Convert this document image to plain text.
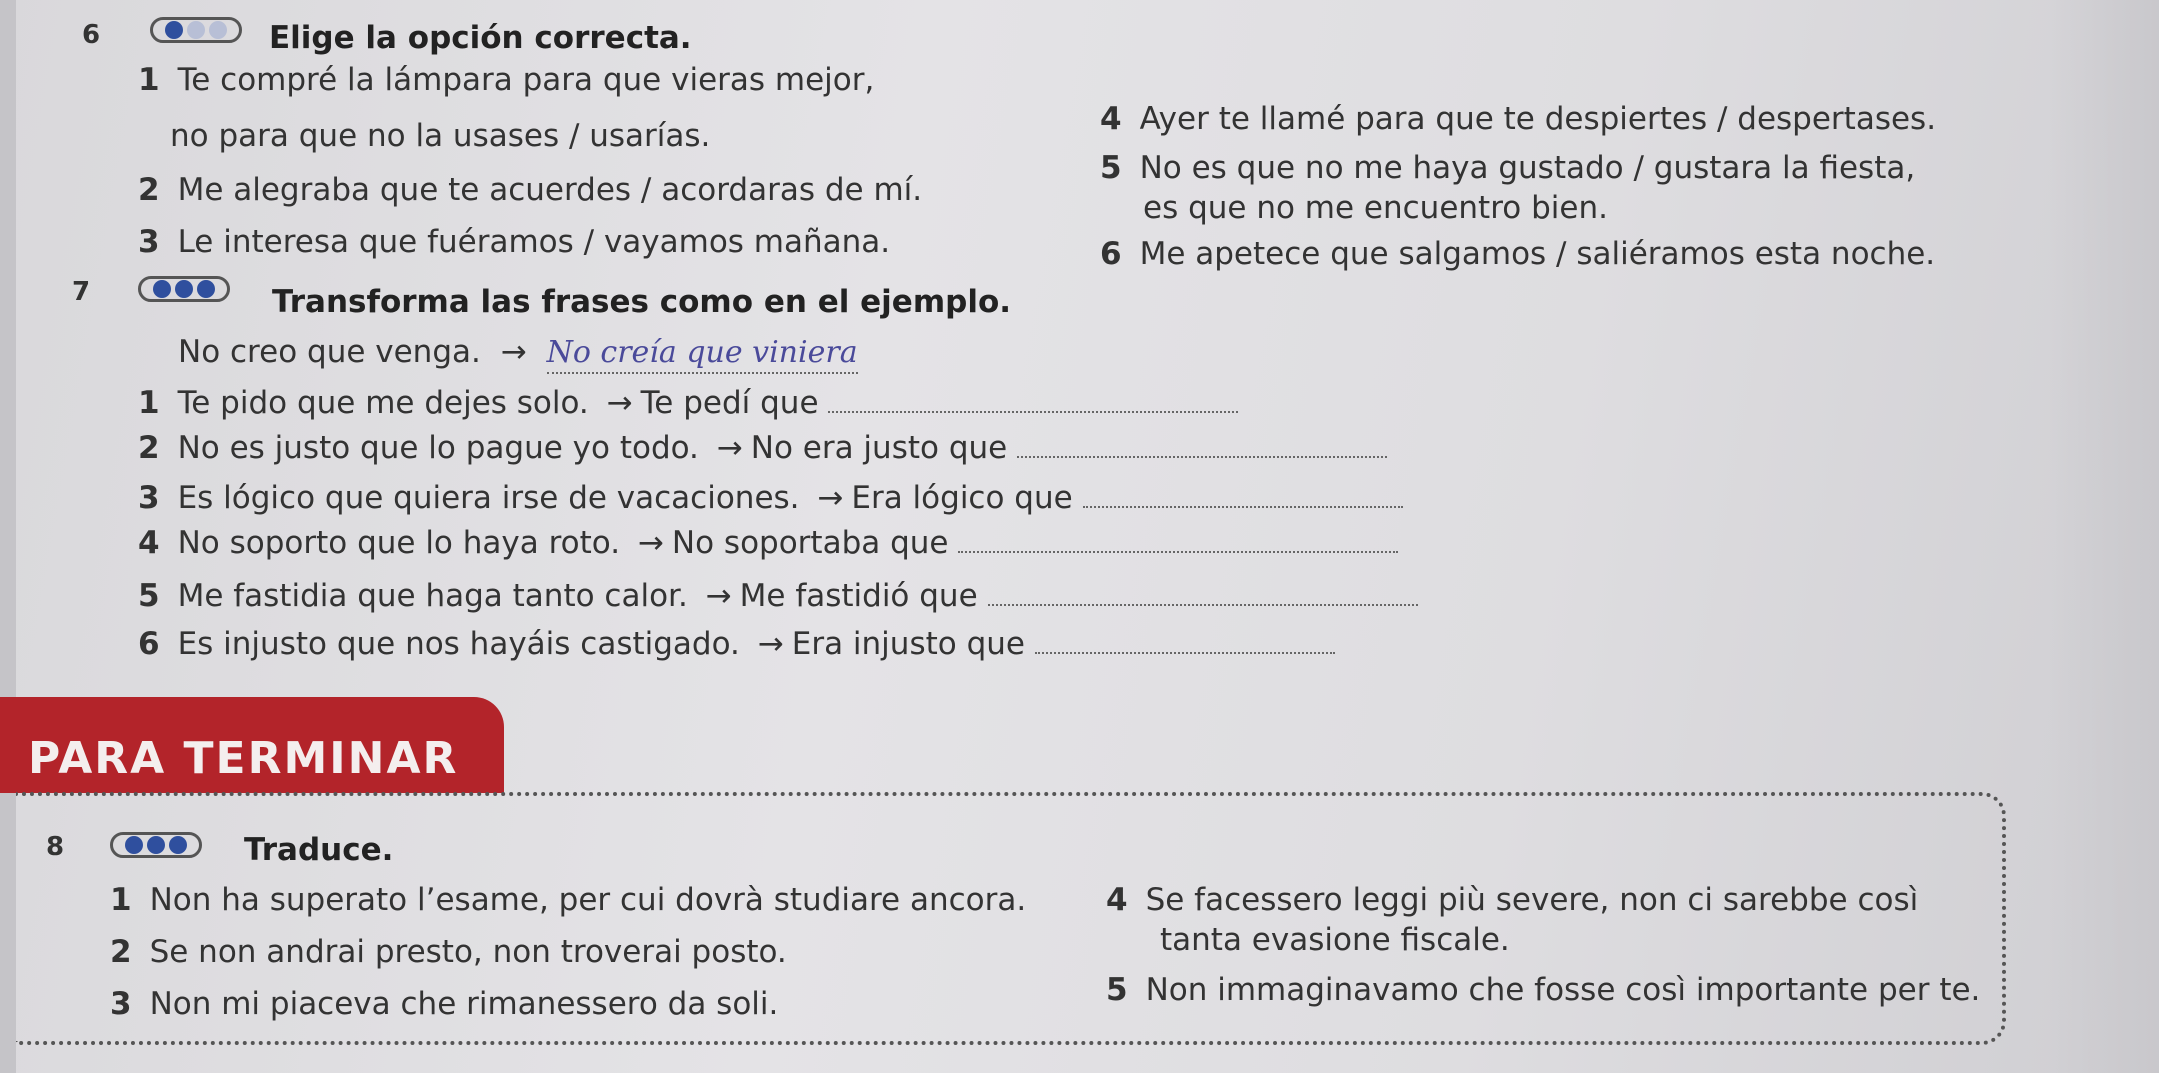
6	Elige la opción correcta.
1 Te compré la lámpara para que vieras mejor,
no para que no la usases / usarías.
2 Me alegraba que te acuerdes / acordaras de mí.
3 Le interesa que fuéramos / vayamos mañana.
4 Ayer te llamé para que te despiertes / despertases.
5 No es que no me haya gustado / gustara la fiesta,
es que no me encuentro bien.
6 Me apetece que salgamos / saliéramos esta noche.
7	Transforma las frases como en el ejemplo.
No creo que venga. → No creía que viniera
1 Te pido que me dejes solo. → Te pedí que
2 No es justo que lo pague yo todo. → No era justo que
3 Es lógico que quiera irse de vacaciones. → Era lógico que
4 No soporto que lo haya roto. → No soportaba que
5 Me fastidia que haga tanto calor. → Me fastidió que
6 Es injusto que nos hayáis castigado. → Era injusto que
PARA TERMINAR
8	Traduce.
1 Non ha superato l’esame, per cui dovrà studiare ancora.
2 Se non andrai presto, non troverai posto.
3 Non mi piaceva che rimanessero da soli.
4 Se facessero leggi più severe, non ci sarebbe così
tanta evasione fiscale.
5 Non immaginavamo che fosse così importante per te.
